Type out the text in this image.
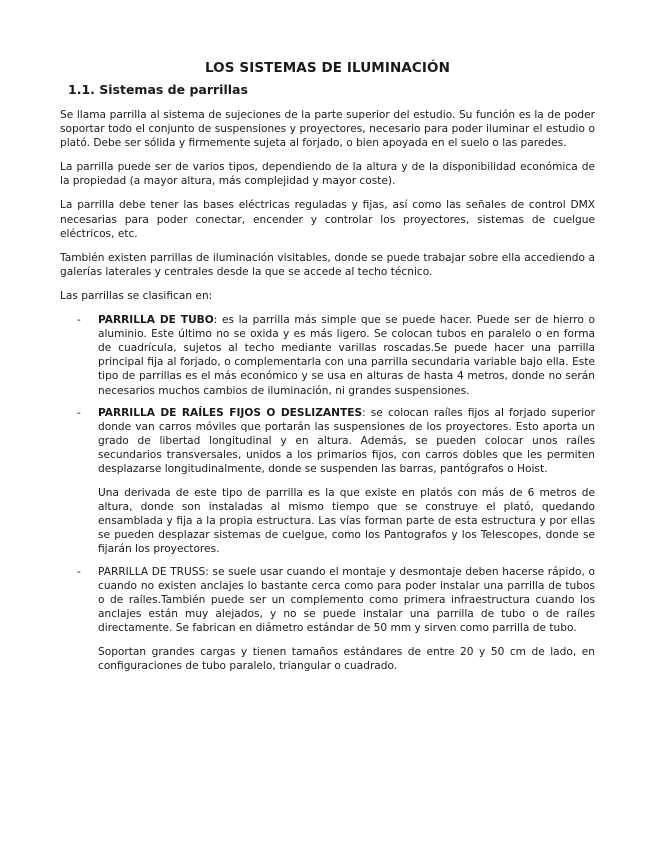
LOS SISTEMAS DE ILUMINACIÓN
1.1. Sistemas de parrillas

Se llama parrilla al sistema de sujeciones de la parte superior del estudio. Su función es la de poder soportar todo el conjunto de suspensiones y proyectores, necesario para poder iluminar el estudio o plató. Debe ser sólida y firmemente sujeta al forjado, o bien apoyada en el suelo o las paredes.

La parrilla puede ser de varios tipos, dependiendo de la altura y de la disponibilidad económica de la propiedad (a mayor altura, más complejidad y mayor coste).

La parrilla debe tener las bases eléctricas reguladas y fijas, así como las señales de control DMX necesarias para poder conectar, encender y controlar los proyectores, sistemas de cuelgue eléctricos, etc.

También existen parrillas de iluminación visitables, donde se puede trabajar sobre ella accediendo a galerías laterales y centrales desde la que se accede al techo técnico.

Las parrillas se clasifican en:

- PARRILLA DE TUBO: es la parrilla más simple que se puede hacer. Puede ser de hierro o aluminio. Este último no se oxida y es más ligero. Se colocan tubos en paralelo o en forma de cuadrícula, sujetos al techo mediante varillas roscadas.Se puede hacer una parrilla principal fija al forjado, o complementarla con una parrilla secundaria variable bajo ella. Este tipo de parrillas es el más económico y se usa en alturas de hasta 4 metros, donde no serán necesarios muchos cambios de iluminación, ni grandes suspensiones.

- PARRILLA DE RAÍLES FIJOS O DESLIZANTES: se colocan raíles fijos al forjado superior donde van carros móviles que portarán las suspensiones de los proyectores. Esto aporta un grado de libertad longitudinal y en altura. Además, se pueden colocar unos raíles secundarios transversales, unidos a los primarios fijos, con carros dobles que les permiten desplazarse longitudinalmente, donde se suspenden las barras, pantógrafos o Hoist.

Una derivada de este tipo de parrilla es la que existe en platós con más de 6 metros de altura, donde son instaladas al mismo tiempo que se construye el plató, quedando ensamblada y fija a la propia estructura. Las vías forman parte de esta estructura y por ellas se pueden desplazar sistemas de cuelgue, como los Pantografos y los Telescopes, donde se fijarán los proyectores.

- PARRILLA DE TRUSS: se suele usar cuando el montaje y desmontaje deben hacerse rápido, o cuando no existen anclajes lo bastante cerca como para poder instalar una parrilla de tubos o de raíles.También puede ser un complemento como primera infraestructura cuando los anclajes están muy alejados, y no se puede instalar una parrilla de tubo o de raíles directamente. Se fabrican en diámetro estándar de 50 mm y sirven como parrilla de tubo.

Soportan grandes cargas y tienen tamaños estándares de entre 20 y 50 cm de lado, en configuraciones de tubo paralelo, triangular o cuadrado.
